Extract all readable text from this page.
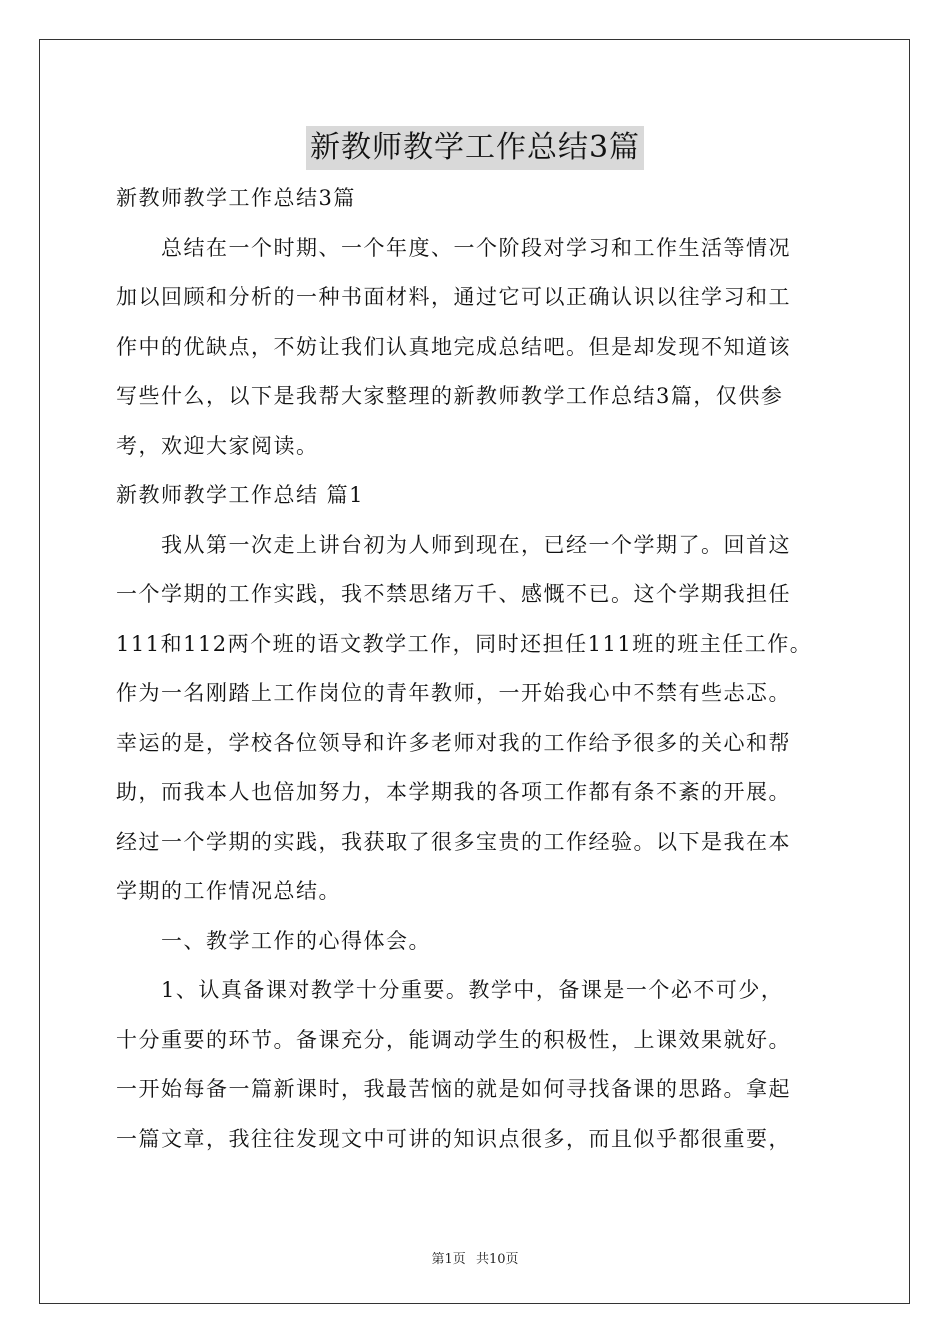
新教师教学工作总结3篇
新教师教学工作总结3篇
　　总结在一个时期、一个年度、一个阶段对学习和工作生活等情况
加以回顾和分析的一种书面材料，通过它可以正确认识以往学习和工
作中的优缺点，不妨让我们认真地完成总结吧。但是却发现不知道该
写些什么，以下是我帮大家整理的新教师教学工作总结3篇，仅供参
考，欢迎大家阅读。
新教师教学工作总结 篇1
　　我从第一次走上讲台初为人师到现在，已经一个学期了。回首这
一个学期的工作实践，我不禁思绪万千、感慨不已。这个学期我担任
111和112两个班的语文教学工作，同时还担任111班的班主任工作。
作为一名刚踏上工作岗位的青年教师，一开始我心中不禁有些忐忑。
幸运的是，学校各位领导和许多老师对我的工作给予很多的关心和帮
助，而我本人也倍加努力，本学期我的各项工作都有条不紊的开展。
经过一个学期的实践，我获取了很多宝贵的工作经验。以下是我在本
学期的工作情况总结。
　　一、教学工作的心得体会。
　　1、认真备课对教学十分重要。教学中，备课是一个必不可少，
十分重要的环节。备课充分，能调动学生的积极性，上课效果就好。
一开始每备一篇新课时，我最苦恼的就是如何寻找备课的思路。拿起
一篇文章，我往往发现文中可讲的知识点很多，而且似乎都很重要，
第1页 共10页
